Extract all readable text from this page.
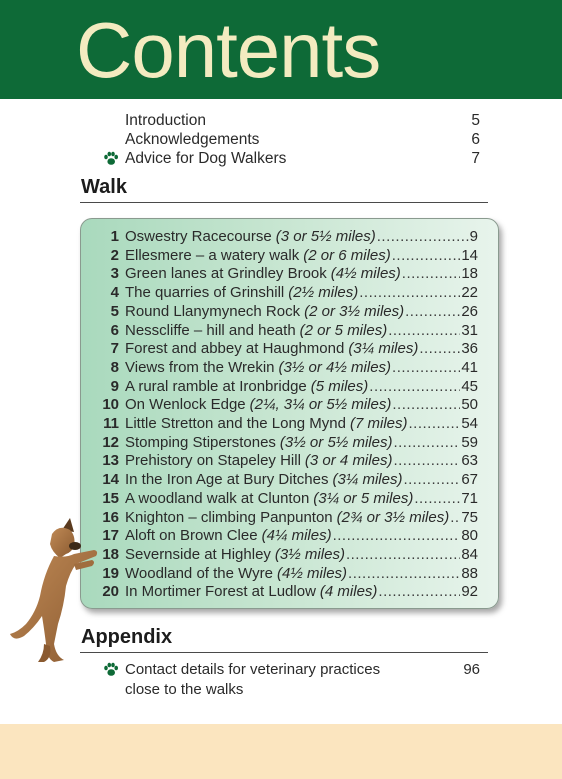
Contents
Introduction	5
Acknowledgements	6
Advice for Dog Walkers	7
Walk
1 Oswestry Racecourse (3 or 5½ miles) .....	9
2 Ellesmere – a watery walk (2 or 6 miles) .....	14
3 Green lanes at Grindley Brook (4½ miles) .....	18
4 The quarries of Grinshill (2½ miles) .....	22
5 Round Llanymynech Rock (2 or 3½ miles) .....	26
6 Nesscliffe – hill and heath (2 or 5 miles) .....	31
7 Forest and abbey at Haughmond (3¼ miles) .....	36
8 Views from the Wrekin (3½ or 4½ miles) .....	41
9 A rural ramble at Ironbridge (5 miles) .....	45
10 On Wenlock Edge (2¼, 3¼ or 5½ miles) .....	50
11 Little Stretton and the Long Mynd (7 miles) .....	54
12 Stomping Stiperstones (3½ or 5½ miles) .....	59
13 Prehistory on Stapeley Hill (3 or 4 miles) .....	63
14 In the Iron Age at Bury Ditches (3¼ miles) .....	67
15 A woodland walk at Clunton (3¼ or 5 miles) .....	71
16 Knighton – climbing Panpunton (2¾ or 3½ miles) ..... 75
17 Aloft on Brown Clee (4¼ miles) .....	80
18 Severnside at Highley (3½ miles) .....	84
19 Woodland of the Wyre (4½ miles) .....	88
20 In Mortimer Forest at Ludlow (4 miles) .....	92
Appendix
Contact details for veterinary practices
close to the walks
96
